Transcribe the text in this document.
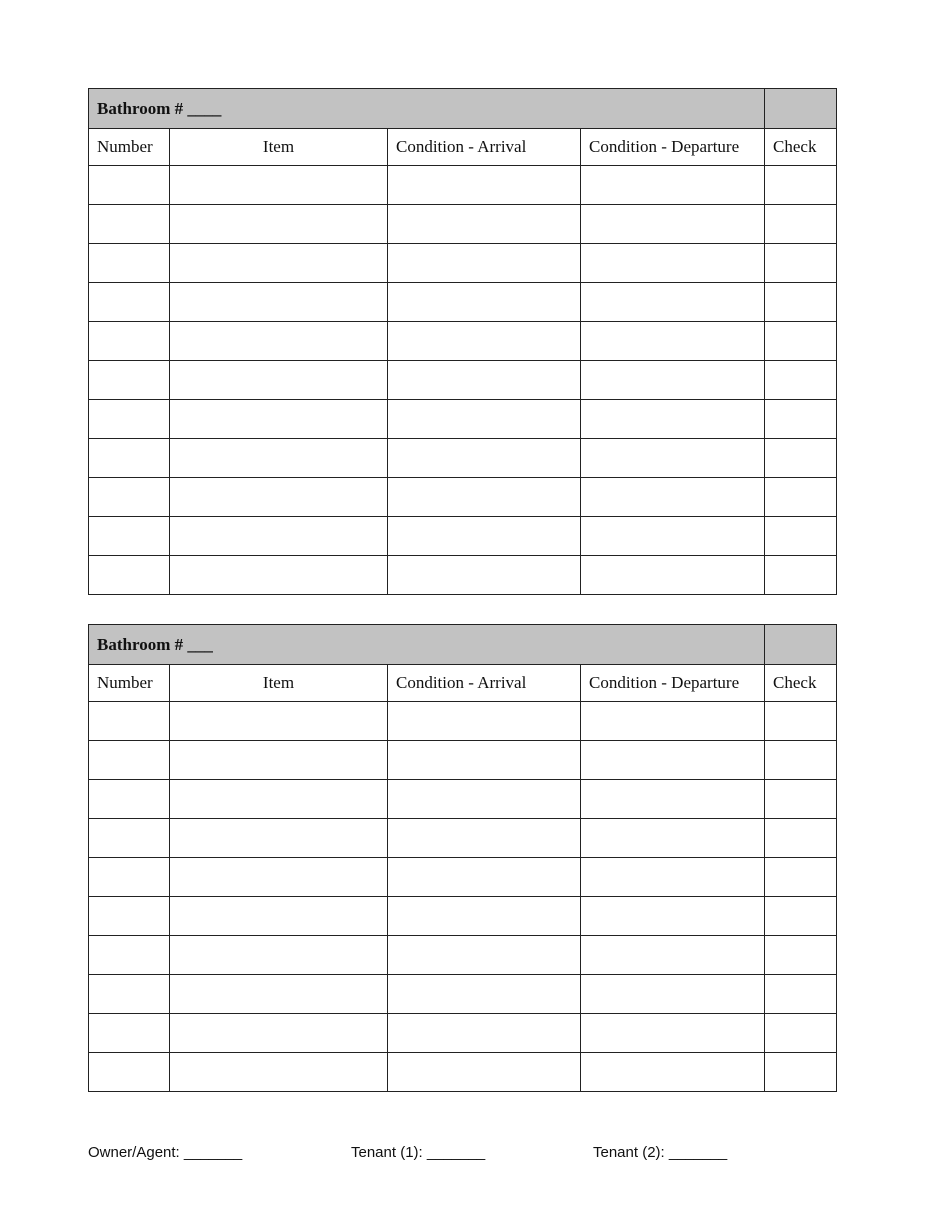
Bathroom # ____				
Number	Item	Condition - Arrival	Condition - Departure	Check

Bathroom # ___				
Number	Item	Condition - Arrival	Condition - Departure	Check

Owner/Agent: _______	Tenant (1): _______	Tenant (2): _______
